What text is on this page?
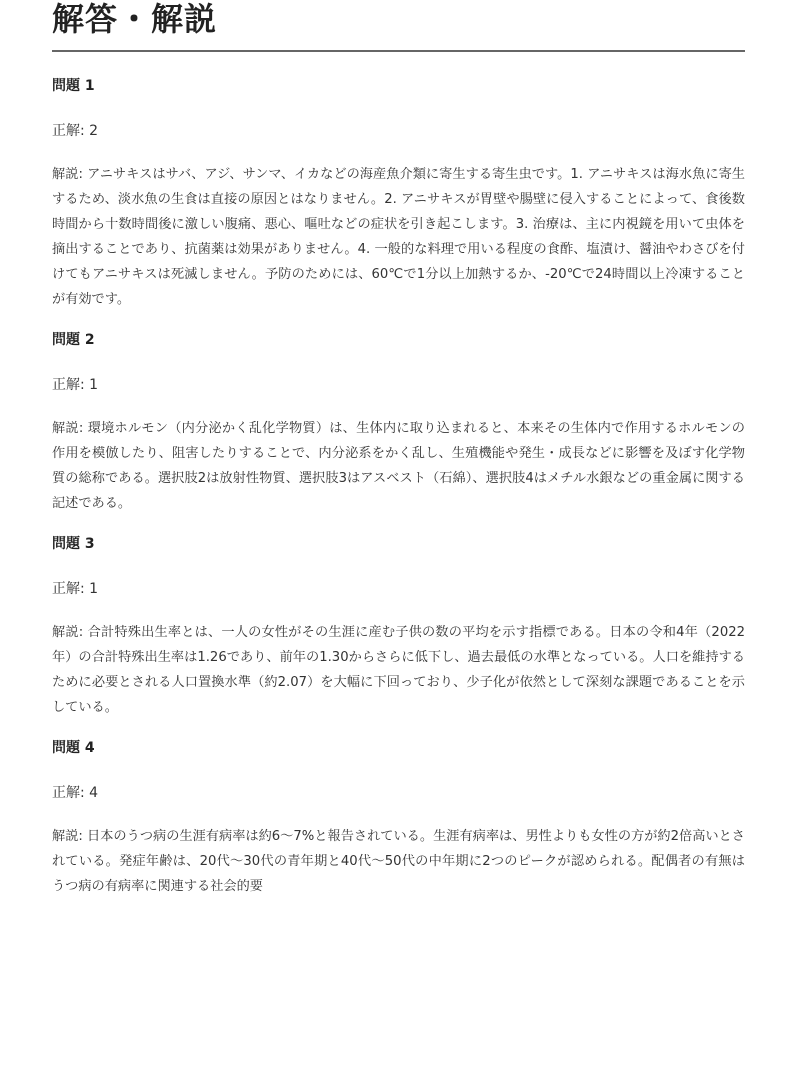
解答・解説

問題 1

正解: 2

解説: アニサキスはサバ、アジ、サンマ、イカなどの海産魚介類に寄生する寄生虫です。1. アニサキスは海水魚に寄生するため、淡水魚の生食は直接の原因とはなりません。2. アニサキスが胃壁や腸壁に侵入することによって、食後数時間から十数時間後に激しい腹痛、悪心、嘔吐などの症状を引き起こします。3. 治療は、主に内視鏡を用いて虫体を摘出することであり、抗菌薬は効果がありません。4. 一般的な料理で用いる程度の食酢、塩漬け、醤油やわさびを付けてもアニサキスは死滅しません。予防のためには、60℃で1分以上加熱するか、-20℃で24時間以上冷凍することが有効です。

問題 2

正解: 1

解説: 環境ホルモン（内分泌かく乱化学物質）は、生体内に取り込まれると、本来その生体内で作用するホルモンの作用を模倣したり、阻害したりすることで、内分泌系をかく乱し、生殖機能や発生・成長などに影響を及ぼす化学物質の総称である。選択肢2は放射性物質、選択肢3はアスベスト（石綿）、選択肢4はメチル水銀などの重金属に関する記述である。

問題 3

正解: 1

解説: 合計特殊出生率とは、一人の女性がその生涯に産む子供の数の平均を示す指標である。日本の令和4年（2022年）の合計特殊出生率は1.26であり、前年の1.30からさらに低下し、過去最低の水準となっている。人口を維持するために必要とされる人口置換水準（約2.07）を大幅に下回っており、少子化が依然として深刻な課題であることを示している。

問題 4

正解: 4

解説: 日本のうつ病の生涯有病率は約6〜7%と報告されている。生涯有病率は、男性よりも女性の方が約2倍高いとされている。発症年齢は、20代〜30代の青年期と40代〜50代の中年期に2つのピークが認められる。配偶者の有無はうつ病の有病率に関連する社会的要
